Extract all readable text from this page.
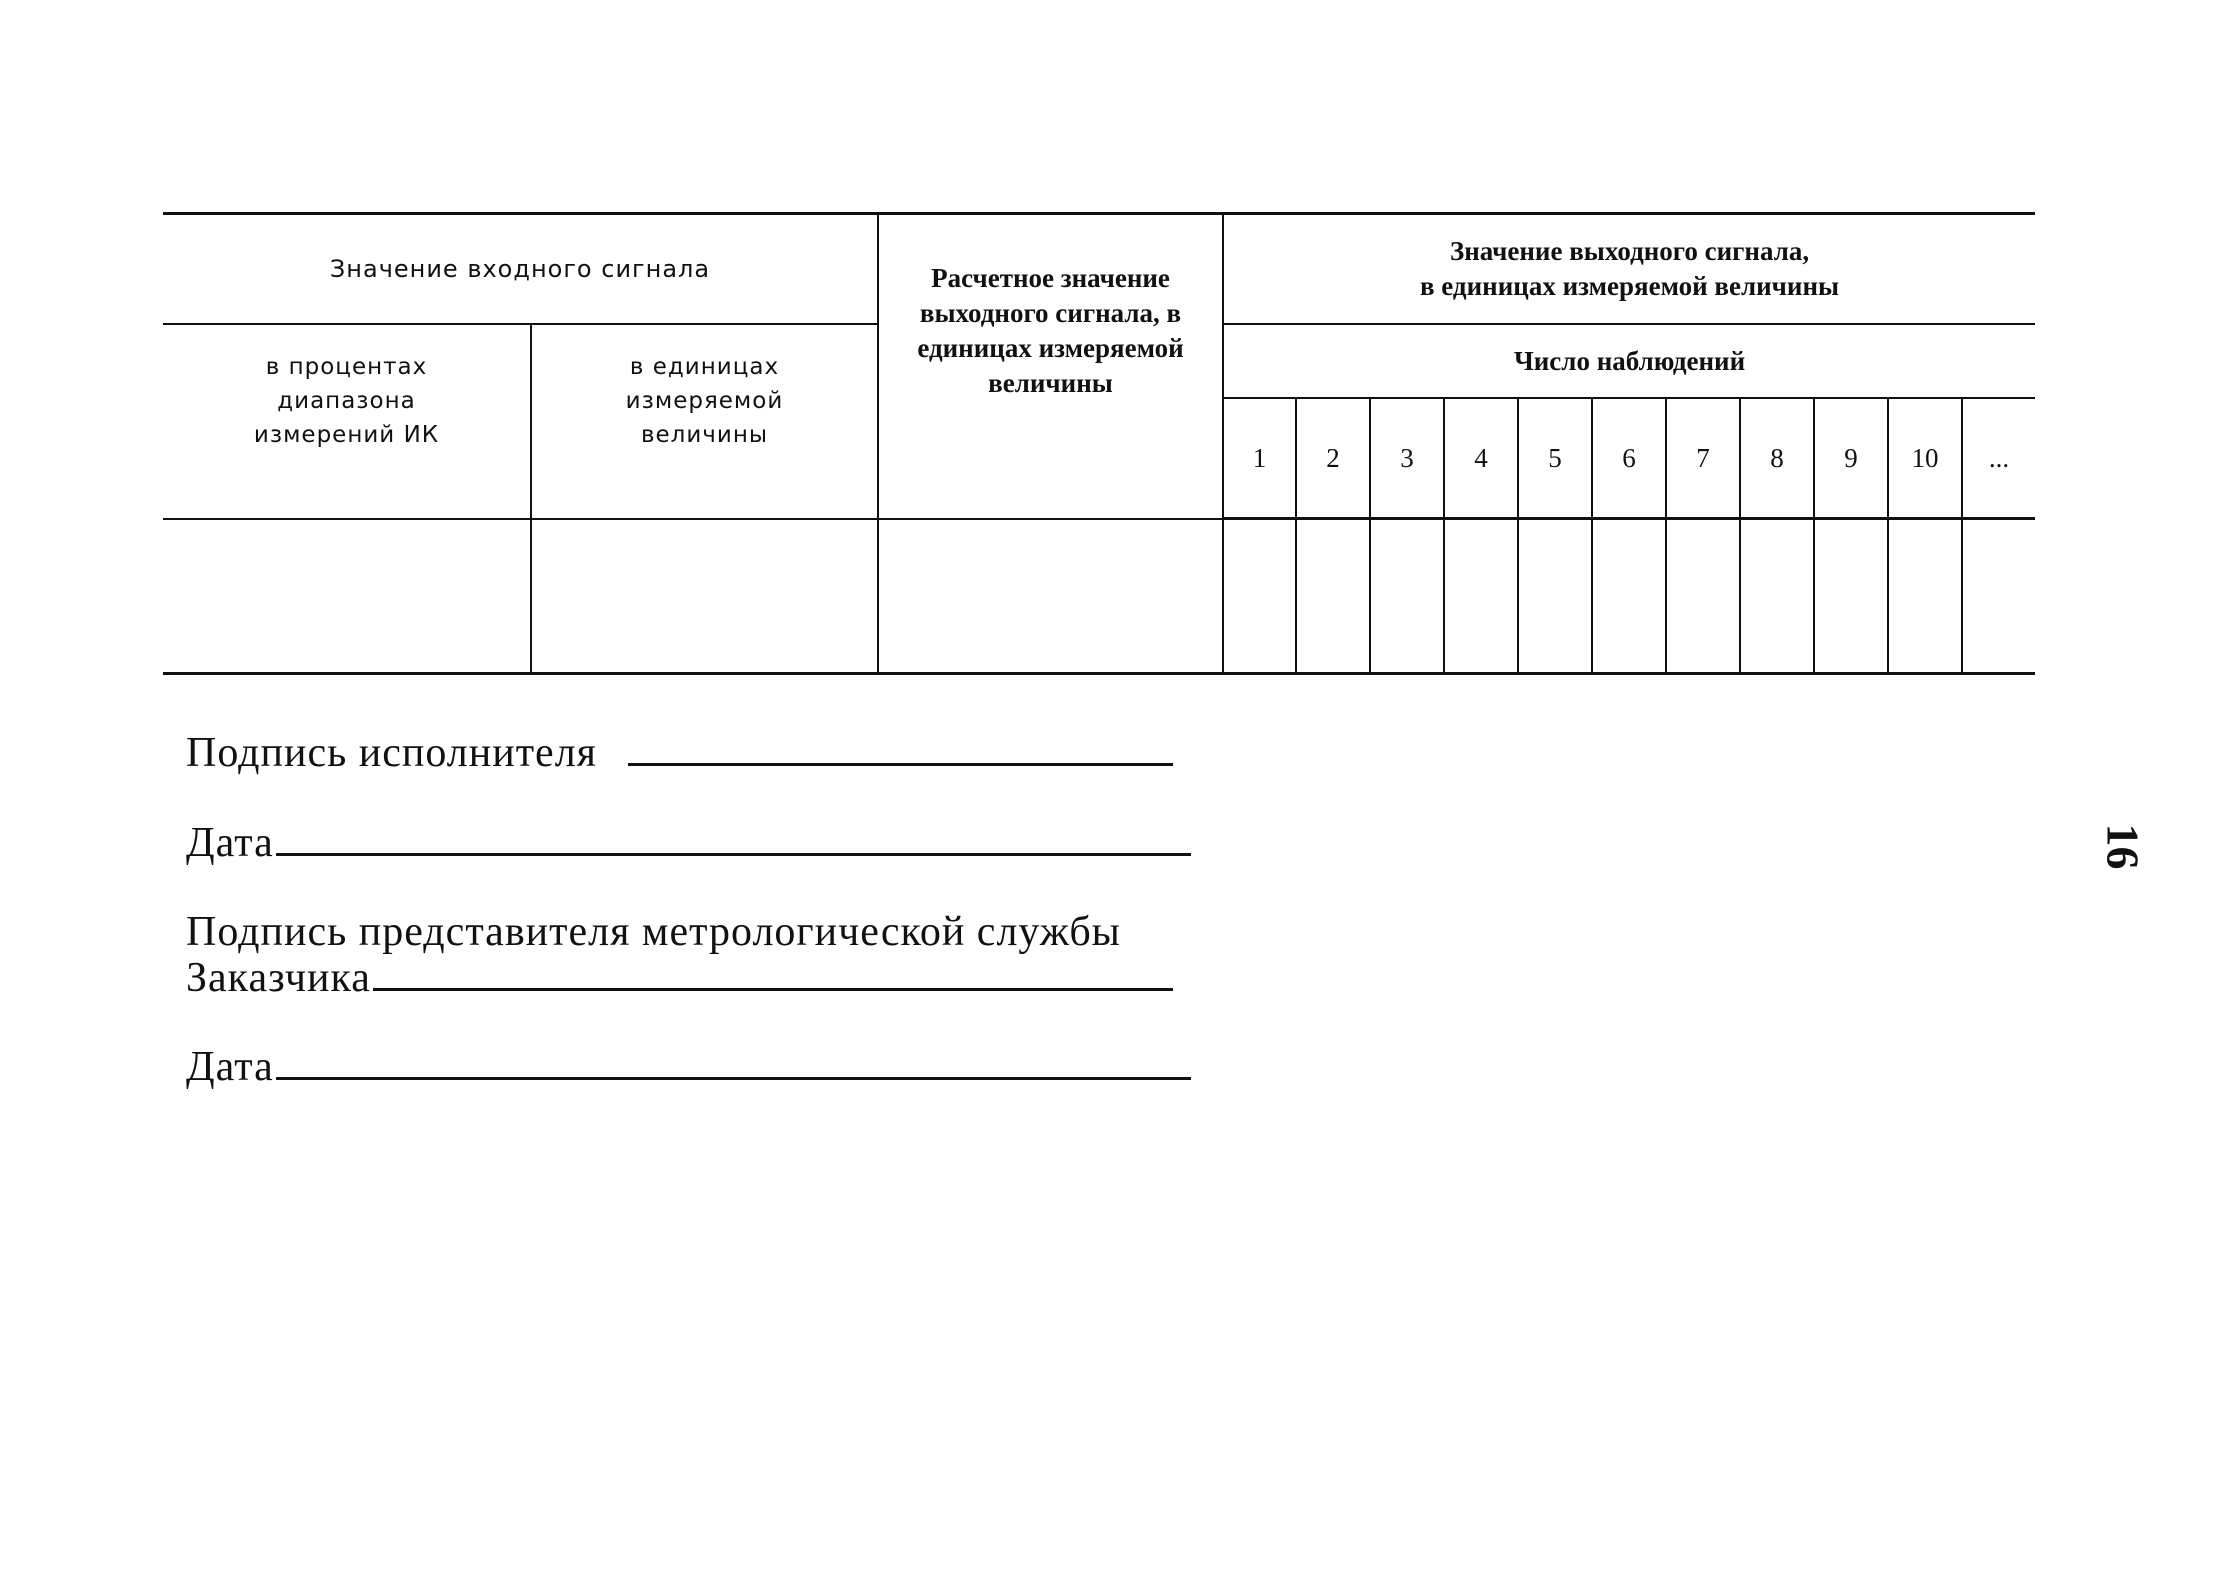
Значение входного сигнала		Расчетное значение выходного сигнала, в единицах измеряемой величины	Значение выходного сигнала,
в единицах измеряемой величины										
в процентах диапазона измерений ИК	в единицах измеряемой величины		Число наблюдений										
			1	2	3	4	5	6	7	8	9	10	...

Подпись исполнителя
Дата
Подпись представителя метрологической службы
Заказчика
Дата
16
